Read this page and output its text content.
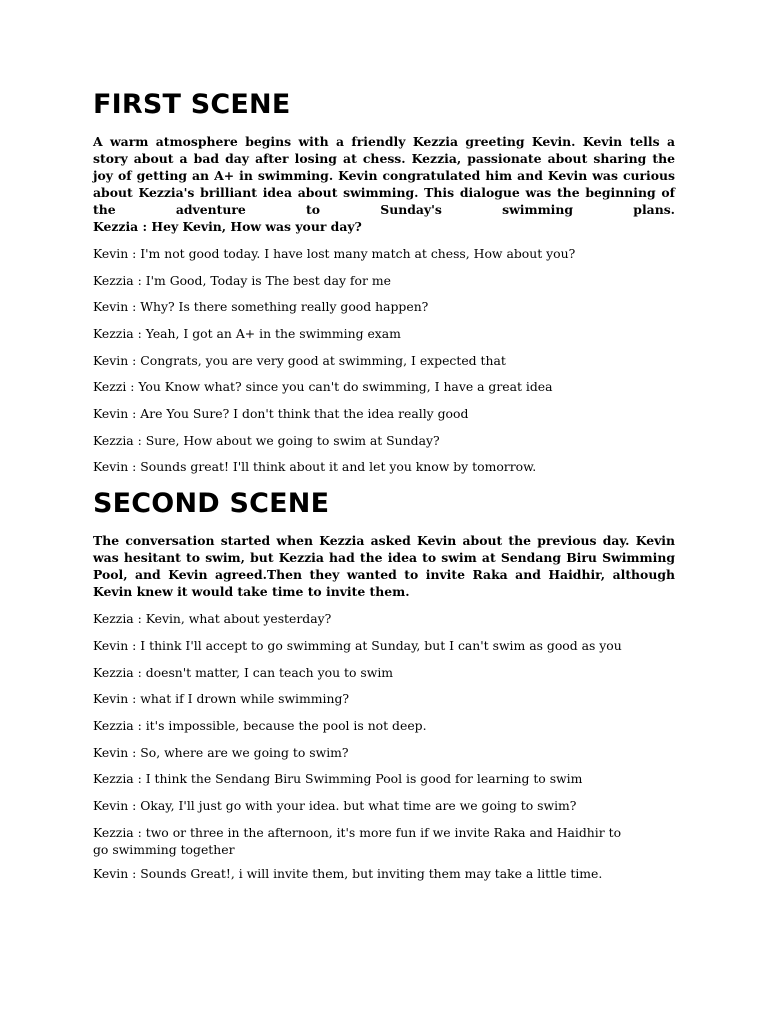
FIRST SCENE

A warm atmosphere begins with a friendly Kezzia greeting Kevin. Kevin tells a story about a bad day after losing at chess. Kezzia, passionate about sharing the joy of getting an A+ in swimming. Kevin congratulated him and Kevin was curious about Kezzia's brilliant idea about swimming. This dialogue was the beginning of the adventure to Sunday's swimming plans.

Kezzia : Hey Kevin, How was your day?

Kevin : I'm not good today. I have lost many match at chess, How about you?

Kezzia : I'm Good, Today is The best day for me

Kevin : Why? Is there something really good happen?

Kezzia : Yeah, I got an A+ in the swimming exam

Kevin : Congrats, you are very good at swimming, I expected that

Kezzi : You Know what? since you can't do swimming, I have a great idea

Kevin : Are You Sure? I don't think that the idea really good

Kezzia : Sure, How about we going to swim at Sunday?

Kevin : Sounds great! I'll think about it and let you know by tomorrow.

SECOND SCENE

The conversation started when Kezzia asked Kevin about the previous day. Kevin was hesitant to swim, but Kezzia had the idea to swim at Sendang Biru Swimming Pool, and Kevin agreed.Then they wanted to invite Raka and Haidhir, although Kevin knew it would take time to invite them.

Kezzia : Kevin, what about yesterday?

Kevin : I think I'll accept to go swimming at Sunday, but I can't swim as good as you

Kezzia : doesn't matter, I can teach you to swim

Kevin : what if I drown while swimming?

Kezzia : it's impossible, because the pool is not deep.

Kevin : So, where are we going to swim?

Kezzia : I think the Sendang Biru Swimming Pool is good for learning to swim

Kevin : Okay, I'll just go with your idea. but what time are we going to swim?

Kezzia : two or three in the afternoon, it's more fun if we invite Raka and Haidhir to go swimming together

Kevin : Sounds Great!, i will invite them, but inviting them may take a little time.
